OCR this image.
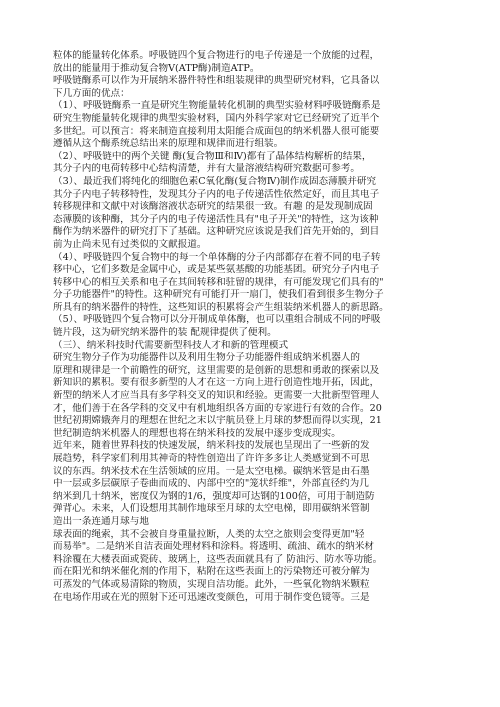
粒体的能量转化体系。呼吸链四个复合物进行的电子传递是一个放能的过程，
放出的能量用于推动复合物Ⅴ(ATP酶)制造ATP。
呼吸链酶系可以作为开展纳米器件特性和组装规律的典型研究材料，它具备以
下几方面的优点：
（1）、呼吸链酶系一直是研究生物能量转化机制的典型实验材料呼吸链酶系是
研究生物能量转化规律的典型实验材料，国内外科学家对它已经研究了近半个
多世纪。可以预言：将来制造直接利用太阳能合成面包的纳米机器人很可能要
遵循从这个酶系统总结出来的原理和规律而进行组装。
（2）、呼吸链中的两个关键 酶(复合物Ⅲ和Ⅳ)都有了晶体结构解析的结果，
其分子内的电荷转移中心结构清楚，并有大量溶液结构研究数据可参考。
（3）、最近我们将纯化的细胞色素C氧化酶(复合物Ⅳ)制作成固态薄膜并研究
其分子内电子转移特性，发现其分子内的电子传递活性依然定好，而且其电子
转移规律和文献中对该酶溶液状态研究的结果很一致。有趣 的是发现制成固
态薄膜的该种酶，其分子内的电子传递活性具有"电子开关"的特性，这为该种
酶作为纳米器件的研究打下了基础。这种研究应该说是我们首先开始的，到目
前为止尚未见有过类似的文献报道。
（4）、呼吸链四个复合物中的每一个单体酶的分子内部都存在着不同的电子转
移中心，它们多数是金属中心，或是某些氨基酸的功能基团。研究分子内电子
转移中心的相互关系和电子在其间转移和驻留的规律，有可能发现它们具有的"
分子功能器件"的特性。这种研究有可能打开一扇门，使我们看到很多生物分子
所具有的纳米器件的特性，这些知识的积累将会产生组装纳米机器人的新思路。
（5）、呼吸链四个复合物可以分开制成单体酶，也可以重组合制成不同的呼吸
链片段，这为研究纳米器件的装 配规律提供了便利。
（三）、纳米科技时代需要新型科技人才和新的管理模式
研究生物分子作为功能器件以及利用生物分子功能器件组成纳米机器人的
原理和规律是一个前瞻性的研究，这里需要的是创新的思想和勇敢的探索以及
新知识的累积。要有很多新型的人才在这一方向上进行创造性地开拓，因此，
新型的纳米人才应当具有多学科交叉的知识和经验。更需要一大批新型管理人
才，他们善于在各学科的交叉中有机地组织各方面的专家进行有效的合作。20
世纪初期嫦娥奔月的理想在世纪之末以宇航员登上月球的梦想而得以实现，21
世纪制造纳米机器人的理想也将在纳米科技的发展中逐步变成现实。
近年来，随着世界科技的快速发展，纳米科技的发展也呈现出了一些新的发
展趋势，科学家们利用其神奇的特性创造出了许许多多让人类感觉到不可思
议的东西。纳米技术在生活领域的应用。一是太空电梯。碳纳米管是由石墨
中一层或多层碳原子卷曲而成的、内部中空的"笼状纤维"，外部直径约为几
纳米到几十纳米，密度仅为钢的1/6，强度却可达钢的100倍，可用于制造防
弹背心。未来，人们设想用其制作地球至月球的太空电梯，即用碳纳米管制
造出一条连通月球与地
球表面的绳索，其不会被自身重量拉断，人类的太空之旅则会变得更加"轻
而易举"。二是纳米自洁表面处理材料和涂料。将透明、疏油、疏水的纳米材
料涂覆在大楼表面或瓷砖、玻璃上，这些表面就具有了 防油污、防水等功能。
而在阳光和纳米催化剂的作用下，粘附在这些表面上的污染物还可被分解为
可蒸发的气体或易清除的物质，实现自洁功能。此外，一些氧化物纳米颗粒
在电场作用或在光的照射下还可迅速改变颜色，可用于制作变色镜等。三是
